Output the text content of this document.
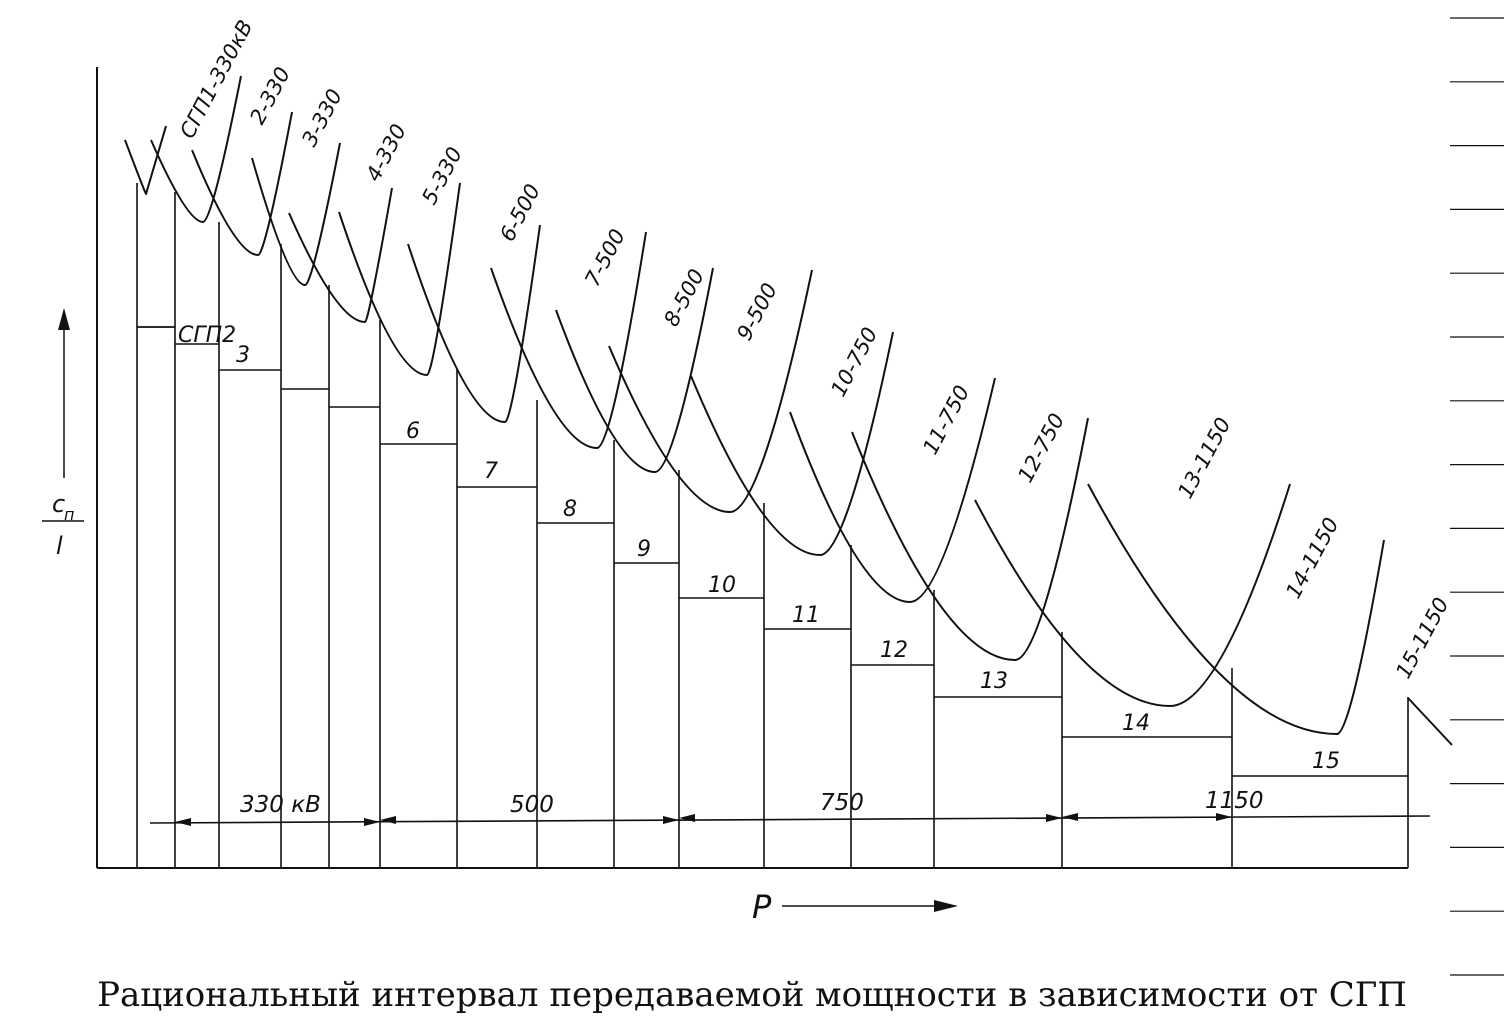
СГП1-330кВ
2-330 3-330
4-330 5-330
6-500
7-500
8-500 9-500
10-750
11-750 12-750	13-1150
14-1150
15-1150
СГП2
3
6
7
8
9
10
11
12
13
14
15
330 кВ	500	750	1150
c
п
l
P
Рациональный интервал передаваемой мощности в зависимости от СГП
